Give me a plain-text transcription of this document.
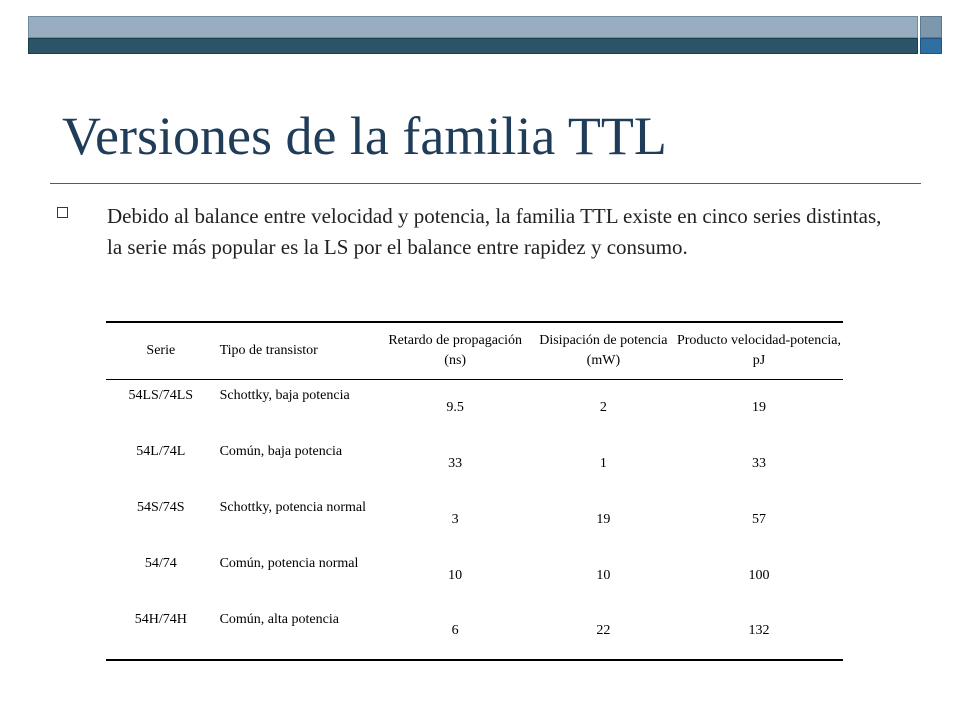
Versiones de la familia TTL

Debido al balance entre velocidad y potencia, la familia TTL existe en cinco series distintas, la serie más popular es la LS por el balance entre rapidez y consumo.

Serie	Tipo de transistor	Retardo de propagación (ns)	Disipación de potencia (mW)	Producto velocidad-potencia, pJ
54LS/74LS	Schottky, baja potencia	9.5	2	19
54L/74L	Común, baja potencia	33	1	33
54S/74S	Schottky, potencia normal	3	19	57
54/74	Común, potencia normal	10	10	100
54H/74H	Común, alta potencia	6	22	132
